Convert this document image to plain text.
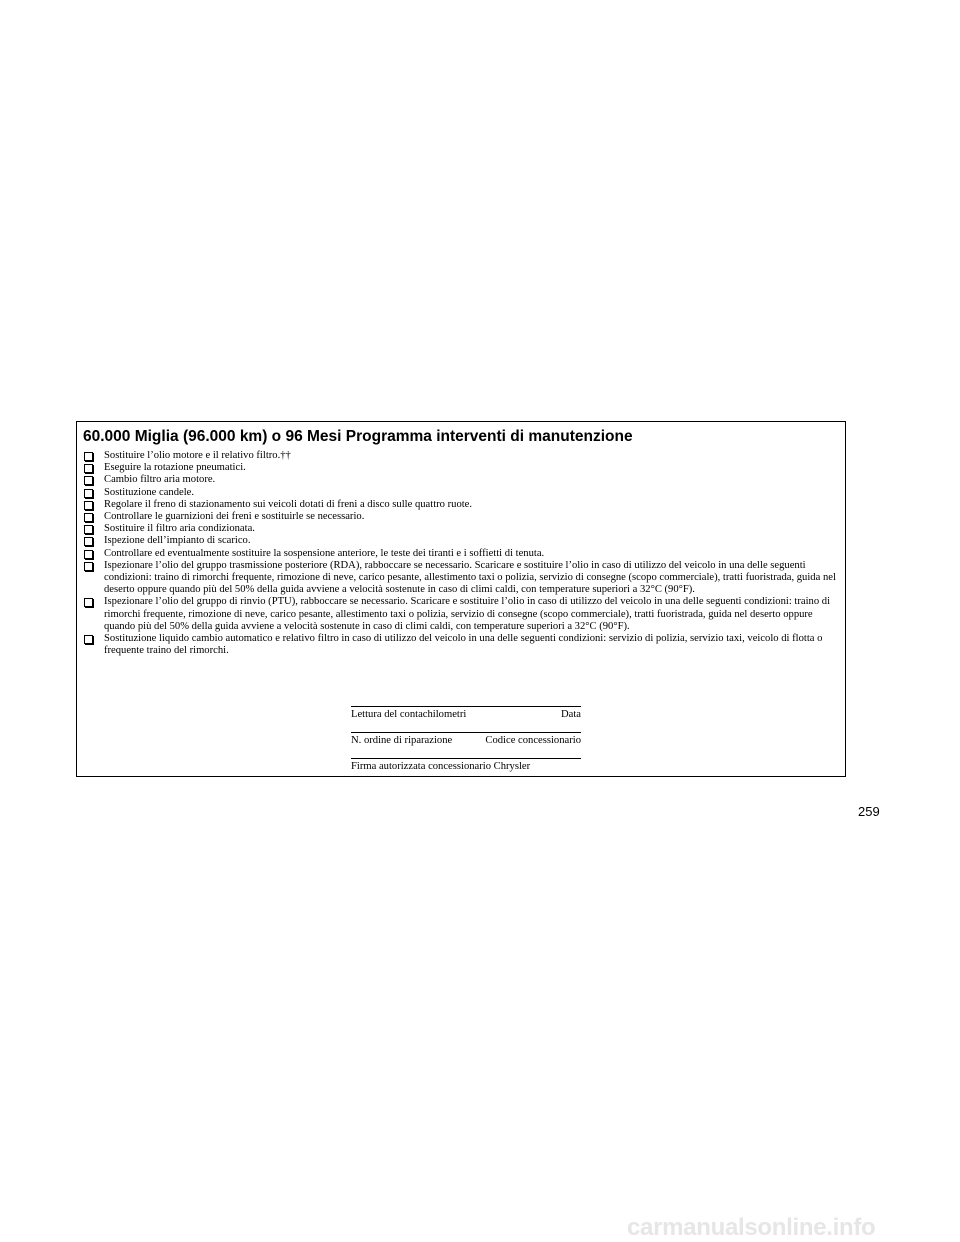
60.000 Miglia (96.000 km) o 96 Mesi Programma interventi di manutenzione
Sostituire l’olio motore e il relativo filtro.††
Eseguire la rotazione pneumatici.
Cambio filtro aria motore.
Sostituzione candele.
Regolare il freno di stazionamento sui veicoli dotati di freni a disco sulle quattro ruote.
Controllare le guarnizioni dei freni e sostituirle se necessario.
Sostituire il filtro aria condizionata.
Ispezione dell’impianto di scarico.
Controllare ed eventualmente sostituire la sospensione anteriore, le teste dei tiranti e i soffietti di tenuta.
Ispezionare l’olio del gruppo trasmissione posteriore (RDA), rabboccare se necessario. Scaricare e sostituire l’olio in caso di utilizzo del veicolo in una delle seguenti condizioni: traino di rimorchi frequente, rimozione di neve, carico pesante, allestimento taxi o polizia, servizio di consegne (scopo commerciale), tratti fuoristrada, guida nel deserto oppure quando più del 50% della guida avviene a velocità sostenute in caso di climi caldi, con temperature superiori a 32°C (90°F).
Ispezionare l’olio del gruppo di rinvio (PTU), rabboccare se necessario. Scaricare e sostituire l’olio in caso di utilizzo del veicolo in una delle seguenti condizioni: traino di rimorchi frequente, rimozione di neve, carico pesante, allestimento taxi o polizia, servizio di consegne (scopo commerciale), tratti fuoristrada, guida nel deserto oppure quando più del 50% della guida avviene a velocità sostenute in caso di climi caldi, con temperature superiori a 32°C (90°F).
Sostituzione liquido cambio automatico e relativo filtro in caso di utilizzo del veicolo in una delle seguenti condizioni: servizio di polizia, servizio taxi, veicolo di flotta o frequente traino del rimorchi.
Lettura del contachilometri	Data
N. ordine di riparazione	Codice concessionario
Firma autorizzata concessionario Chrysler
259
carmanualsonline.info
